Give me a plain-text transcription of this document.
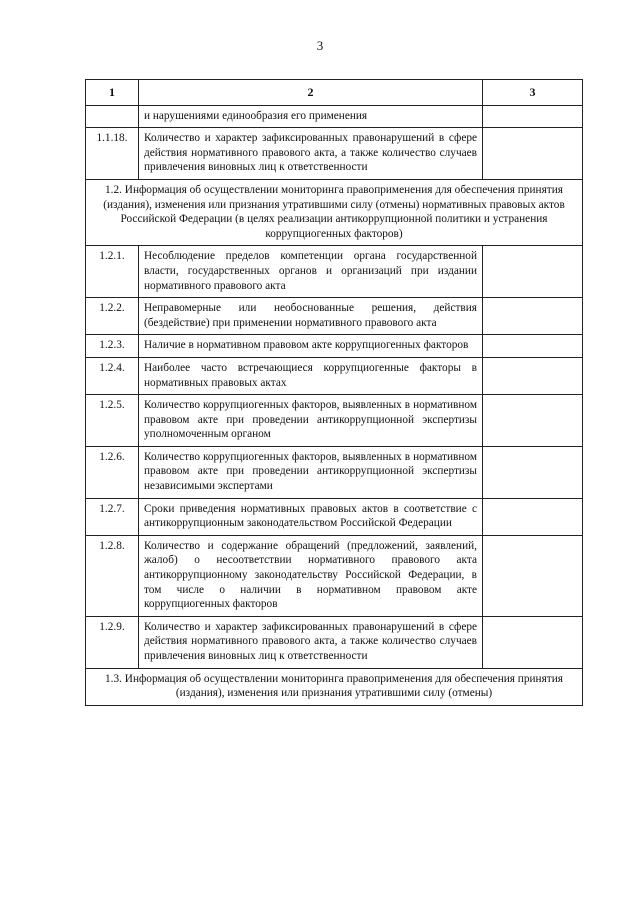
3
1	2	3
	и нарушениями единообразия его применения	
1.1.18.	Количество и характер зафиксированных правонарушений в сфере действия нормативного правового акта, а также количество случаев привлечения виновных лиц к ответственности	
1.2. Информация об осуществлении мониторинга правоприменения для обеспечения принятия (издания), изменения или признания утратившими силу (отмены) нормативных правовых актов Российской Федерации (в целях реализации антикоррупционной политики и устранения коррупциогенных факторов)		
1.2.1.	Несоблюдение пределов компетенции органа государственной власти, государственных органов и организаций при издании нормативного правового акта	
1.2.2.	Неправомерные или необоснованные решения, действия (бездействие) при применении нормативного правового акта	
1.2.3.	Наличие в нормативном правовом акте коррупциогенных факторов	
1.2.4.	Наиболее часто встречающиеся коррупциогенные факторы в нормативных правовых актах	
1.2.5.	Количество коррупциогенных факторов, выявленных в нормативном правовом акте при проведении антикоррупционной экспертизы уполномоченным органом	
1.2.6.	Количество коррупциогенных факторов, выявленных в нормативном правовом акте при проведении антикоррупционной экспертизы независимыми экспертами	
1.2.7.	Сроки приведения нормативных правовых актов в соответствие с антикоррупционным законодательством Российской Федерации	
1.2.8.	Количество и содержание обращений (предложений, заявлений, жалоб) о несоответствии нормативного правового акта антикоррупционному законодательству Российской Федерации, в том числе о наличии в нормативном правовом акте коррупциогенных факторов	
1.2.9.	Количество и характер зафиксированных правонарушений в сфере действия нормативного правового акта, а также количество случаев привлечения виновных лиц к ответственности	
1.3. Информация об осуществлении мониторинга правоприменения для обеспечения принятия (издания), изменения или признания утратившими силу (отмены)		
